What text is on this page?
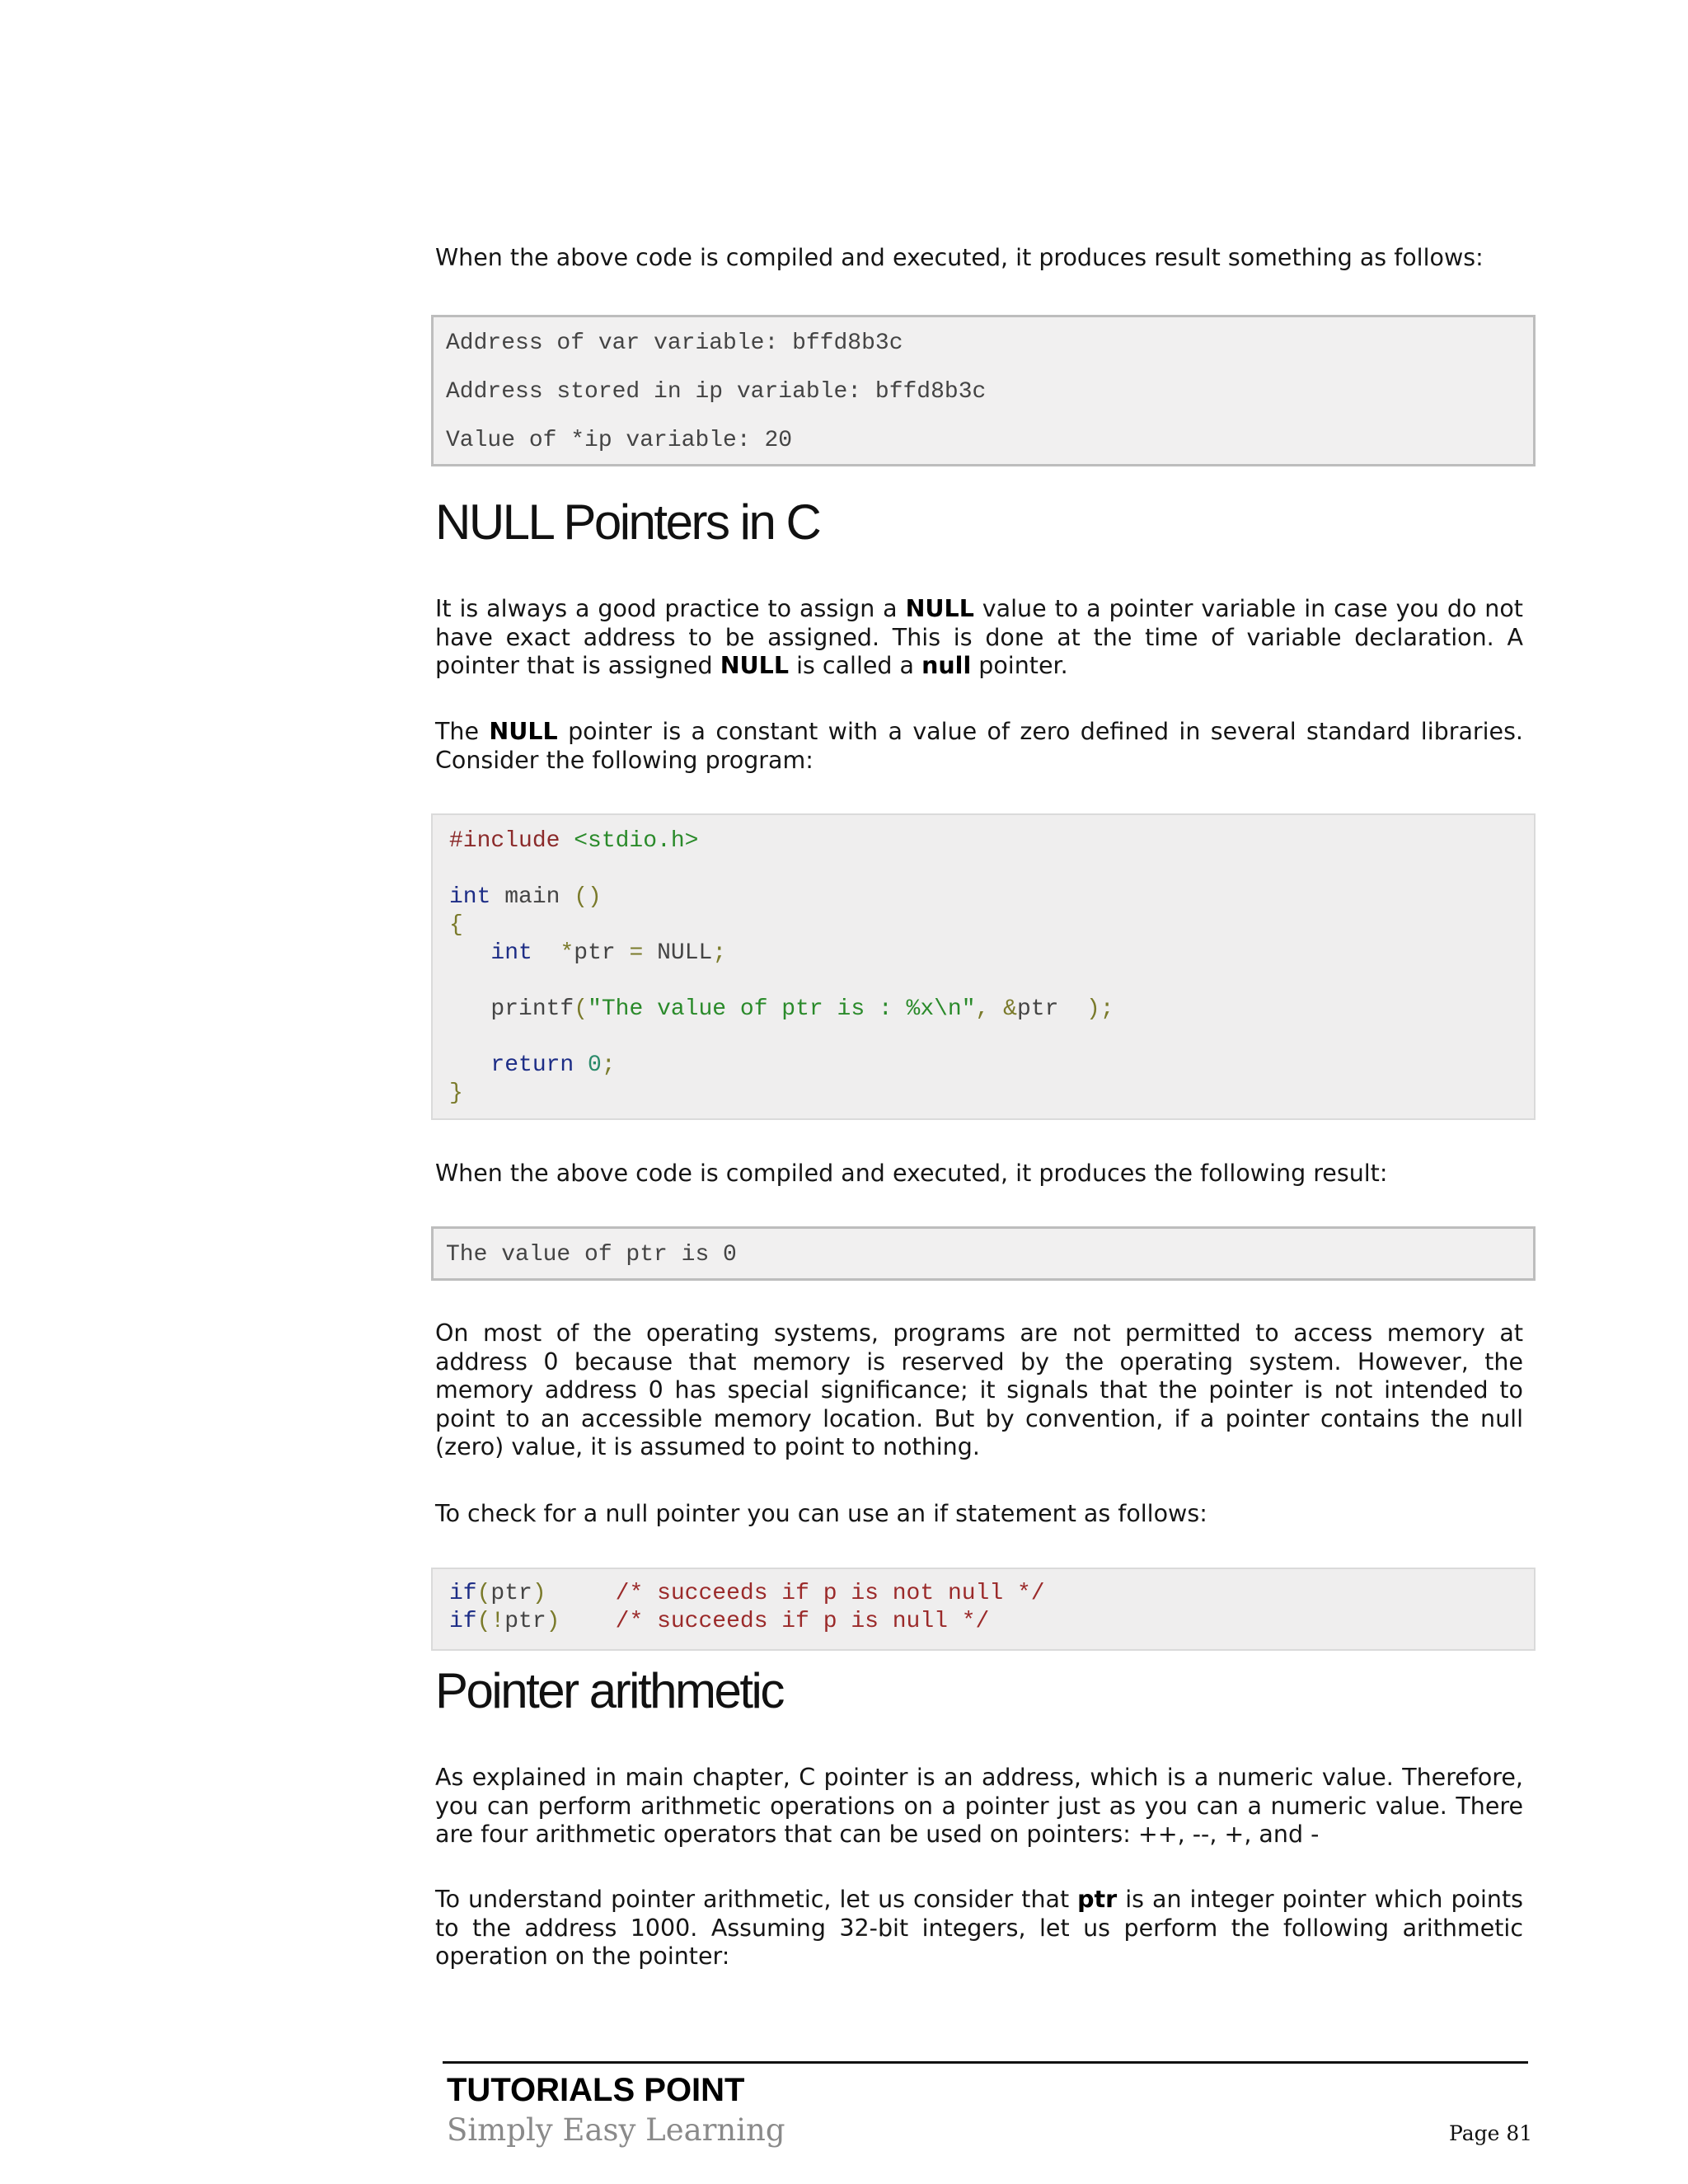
When the above code is compiled and executed, it produces result something as follows:

Address of var variable: bffd8b3c
Address stored in ip variable: bffd8b3c
Value of *ip variable: 20
NULL Pointers in C

It is always a good practice to assign a NULL value to a pointer variable in case you do not have exact address to be assigned. This is done at the time of variable declaration. A pointer that is assigned NULL is called a null pointer.

The NULL pointer is a constant with a value of zero defined in several standard libraries. Consider the following program:

#include <stdio.h>
int main ()
{
int *ptr = NULL;
printf("The value of ptr is : %x\n", &ptr  );
return 0;
}

When the above code is compiled and executed, it produces the following result:

The value of ptr is 0

On most of the operating systems, programs are not permitted to access memory at address 0 because that memory is reserved by the operating system. However, the memory address 0 has special significance; it signals that the pointer is not intended to point to an accessible memory location. But by convention, if a pointer contains the null (zero) value, it is assumed to point to nothing.

To check for a null pointer you can use an if statement as follows:

if(ptr)	/* succeeds if p is not null */
if(!ptr) /* succeeds if p is null */
Pointer arithmetic

As explained in main chapter, C pointer is an address, which is a numeric value. Therefore, you can perform arithmetic operations on a pointer just as you can a numeric value. There are four arithmetic operators that can be used on pointers: ++, --, +, and -

To understand pointer arithmetic, let us consider that ptr is an integer pointer which points to the address 1000. Assuming 32-bit integers, let us perform the following arithmetic operation on the pointer:

TUTORIALS POINT
Simply Easy Learning	Page 81
